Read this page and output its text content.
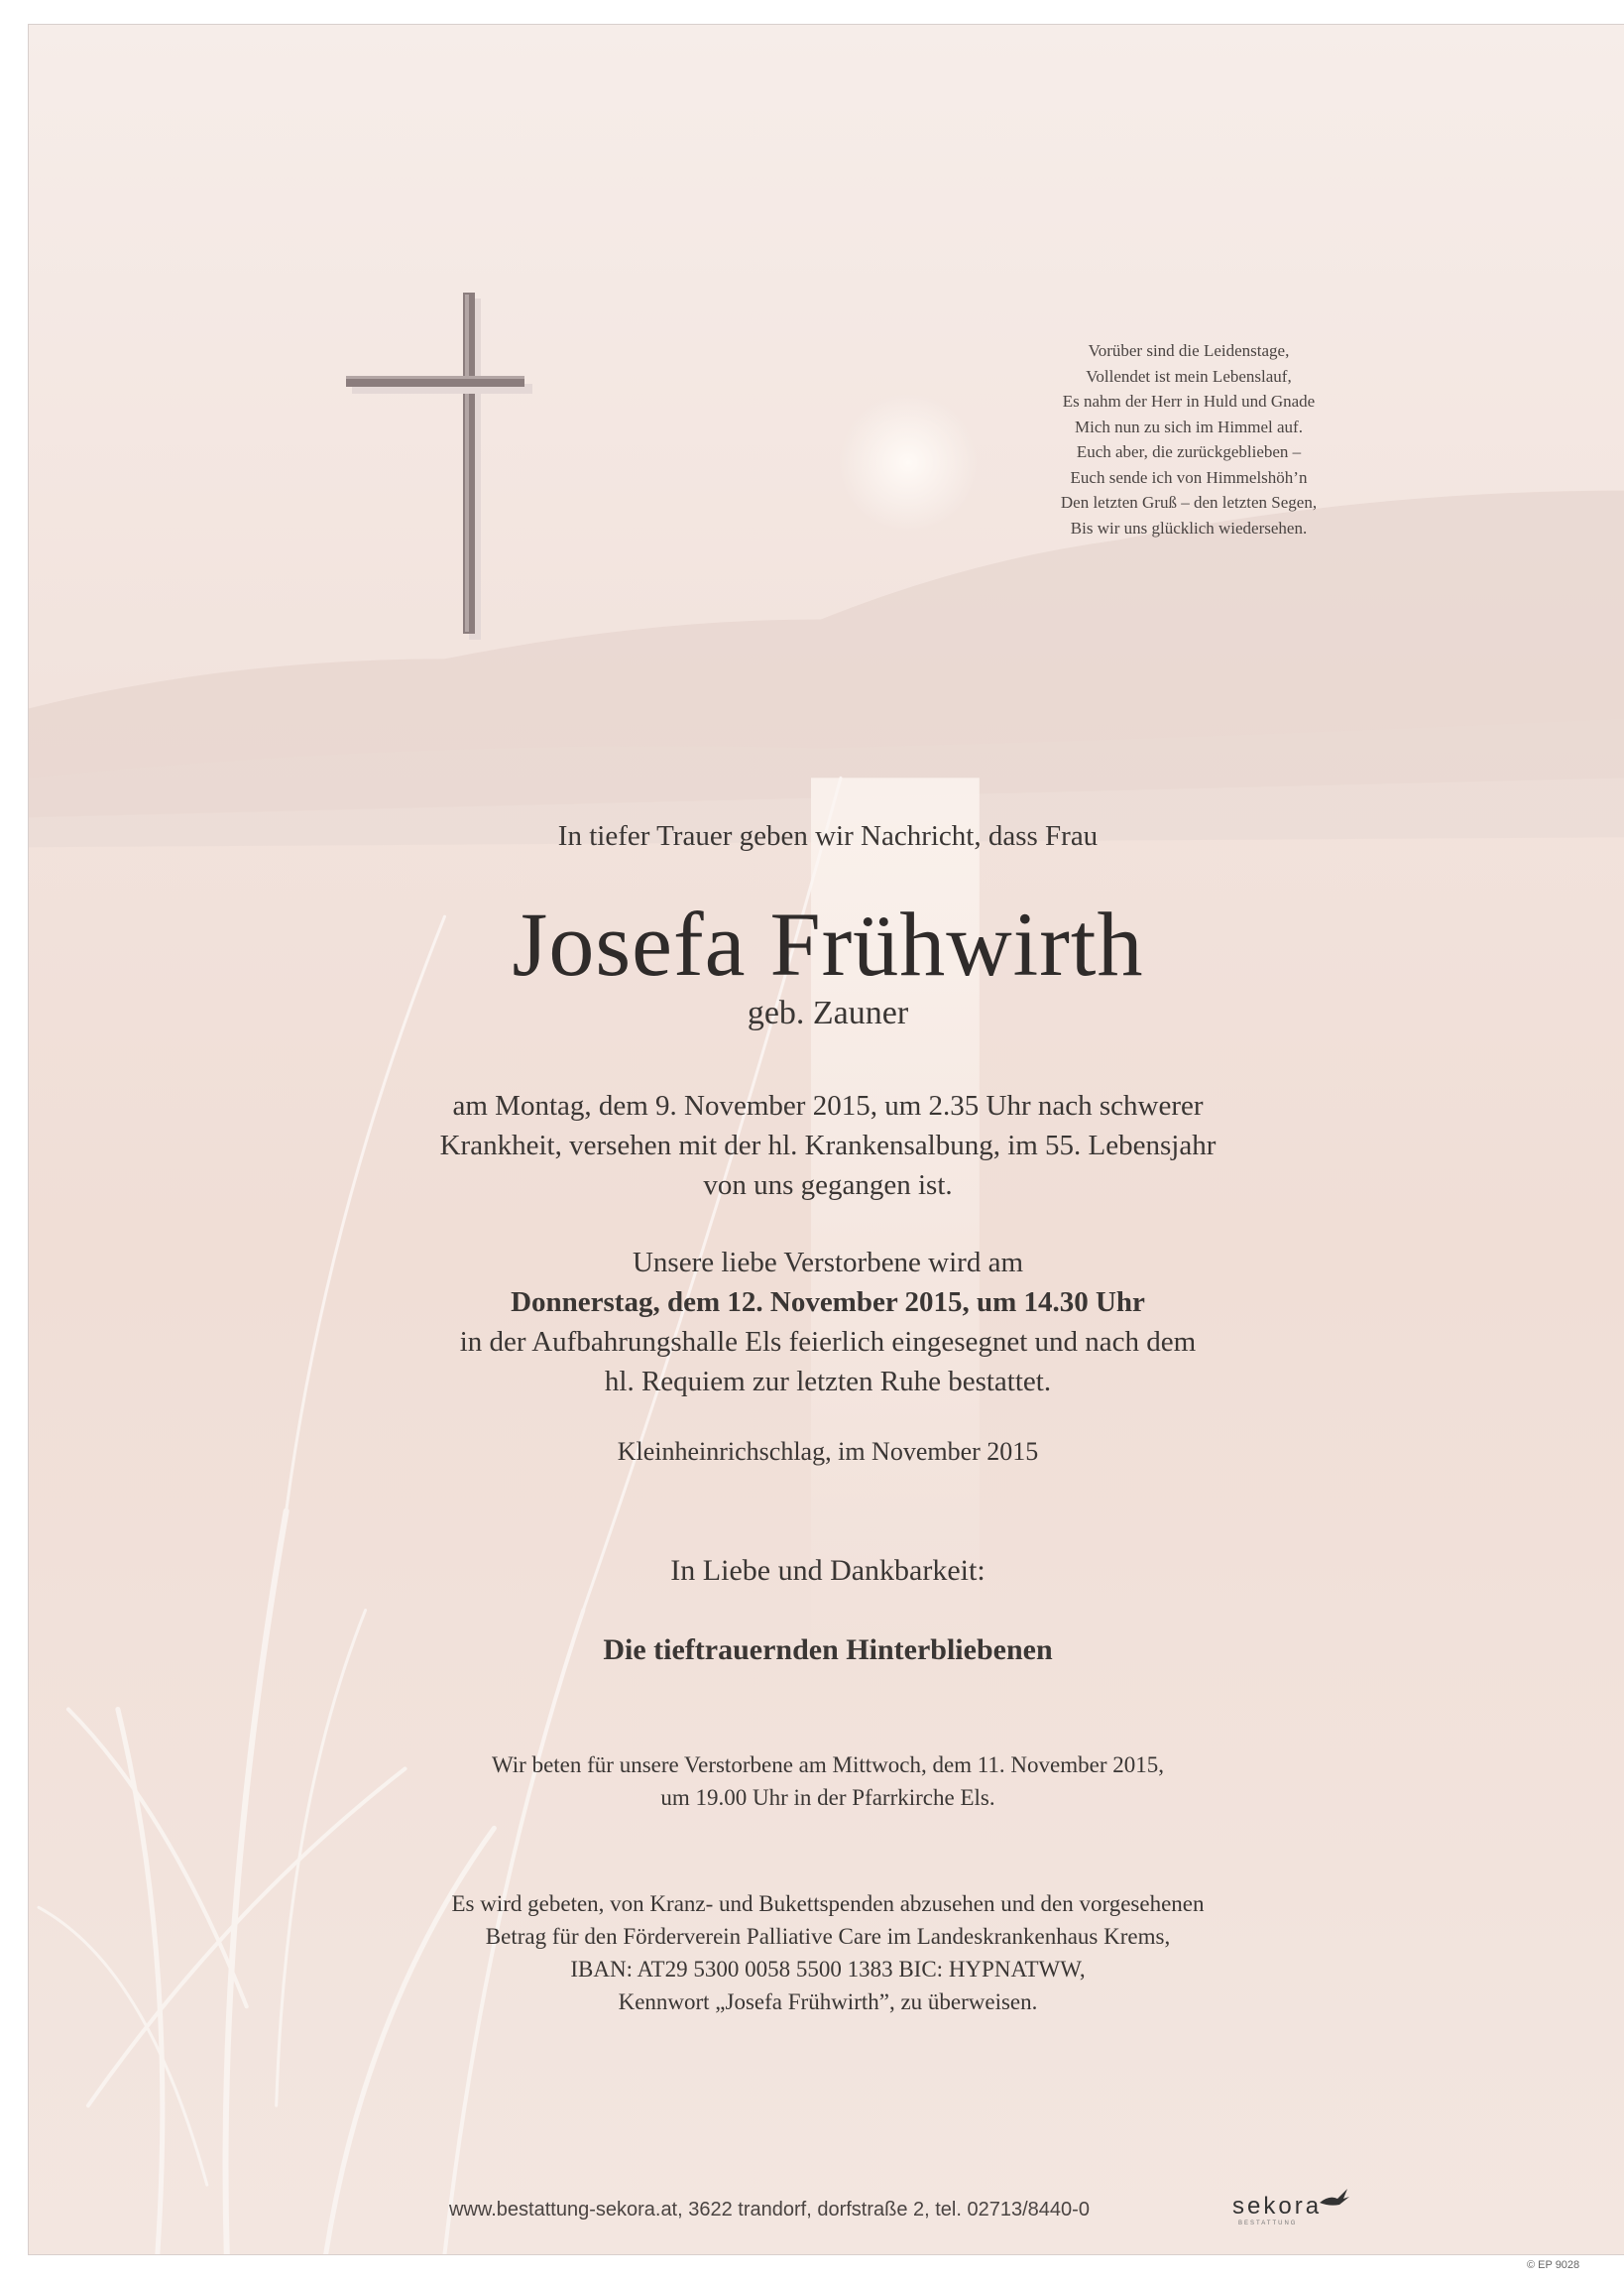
Vorüber sind die Leidenstage,
Vollendet ist mein Lebenslauf,
Es nahm der Herr in Huld und Gnade
Mich nun zu sich im Himmel auf.
Euch aber, die zurückgeblieben –
Euch sende ich von Himmelshöh’n
Den letzten Gruß – den letzten Segen,
Bis wir uns glücklich wiedersehen.
In tiefer Trauer geben wir Nachricht, dass Frau
Josefa Frühwirth
geb. Zauner
am Montag, dem 9. November 2015, um 2.35 Uhr nach schwerer
Krankheit, versehen mit der hl. Krankensalbung, im 55. Lebensjahr
von uns gegangen ist.
Unsere liebe Verstorbene wird am
Donnerstag, dem 12. November 2015, um 14.30 Uhr
in der Aufbahrungshalle Els feierlich eingesegnet und nach dem
hl. Requiem zur letzten Ruhe bestattet.
Kleinheinrichschlag, im November 2015
In Liebe und Dankbarkeit:
Die tieftrauernden Hinterbliebenen
Wir beten für unsere Verstorbene am Mittwoch, dem 11. November 2015,
um 19.00 Uhr in der Pfarrkirche Els.
Es wird gebeten, von Kranz- und Bukettspenden abzusehen und den vorgesehenen
Betrag für den Förderverein Palliative Care im Landeskrankenhaus Krems,
IBAN: AT29 5300 0058 5500 1383 BIC: HYPNATWW,
Kennwort „Josefa Frühwirth”, zu überweisen.
www.bestattung-sekora.at, 3622 trandorf, dorfstraße 2, tel. 02713/8440-0	sekora
BESTATTUNG
© EP 9028
